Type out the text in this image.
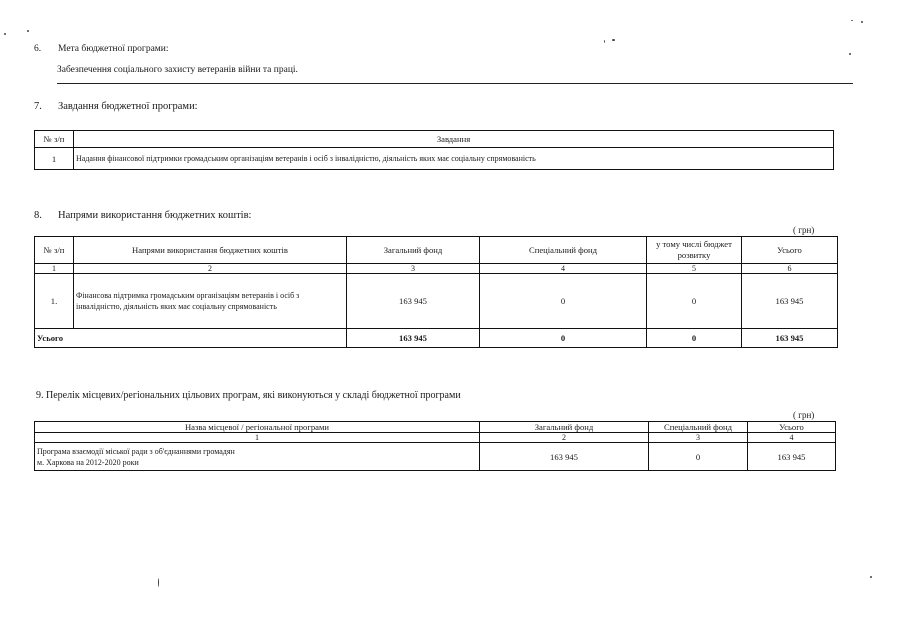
6. Мета бюджетної програми:
Забезпечення соціального захисту ветеранів війни та праці.
7. Завдання бюджетної програми:
№ з/п	Завдання
1	Надання фінансової підтримки громадським організаціям ветеранів і осіб з інвалідністю, діяльність яких має соціальну спрямованість
8. Напрями використання бюджетних коштів:
( грн)
№ з/п	Напрями використання бюджетних коштів	Загальний фонд	Спеціальний фонд	у тому числі бюджет розвитку	Усього
1	2	3	4	5	6
1.	Фінансова підтримка громадським організаціям ветеранів і осіб з інвалідністю, діяльність яких має соціальну спрямованість	163 945	0	0	163 945
Усього		163 945	0	0	163 945
9. Перелік місцевих/регіональних цільових програм, які виконуються у складі бюджетної програми
( грн)
Назва місцевої / регіональної програми	Загальний фонд	Спеціальний фонд	Усього
1	2	3	4

Програма взаємодії міської ради з об'єднаннями громадян
м. Харкова на 2012-2020 роки	163 945	0	163 945
